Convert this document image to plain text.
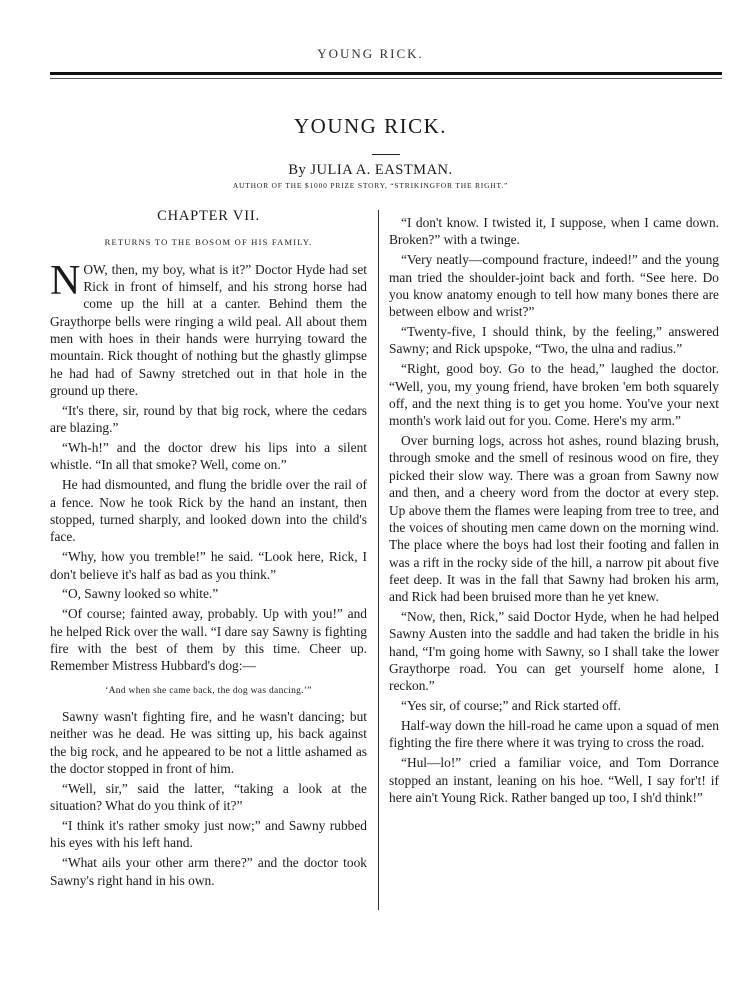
YOUNG RICK.
YOUNG RICK.
By JULIA A. EASTMAN.
AUTHOR OF THE $1000 PRIZE STORY, “STRIKINGFOR THE RIGHT.”
CHAPTER VII.
RETURNS TO THE BOSOM OF HIS FAMILY.

NOW, then, my boy, what is it?” Doctor Hyde had set Rick in front of himself, and his strong horse had come up the hill at a canter. Behind them the Graythorpe bells were ringing a wild peal. All about them men with hoes in their hands were hurrying toward the mountain. Rick thought of nothing but the ghastly glimpse he had had of Sawny stretched out in that hole in the ground up there.

“It's there, sir, round by that big rock, where the cedars are blazing.”

“Wh-h!” and the doctor drew his lips into a silent whistle. “In all that smoke? Well, come on.”

He had dismounted, and flung the bridle over the rail of a fence. Now he took Rick by the hand an instant, then stopped, turned sharply, and looked down into the child's face.

“Why, how you tremble!” he said. “Look here, Rick, I don't believe it's half as bad as you think.”

“O, Sawny looked so white.”

“Of course; fainted away, probably. Up with you!” and he helped Rick over the wall. “I dare say Sawny is fighting fire with the best of them by this time. Cheer up. Remember Mistress Hubbard's dog:—

‘And when she came back, the dog was dancing.’”

Sawny wasn't fighting fire, and he wasn't dancing; but neither was he dead. He was sitting up, his back against the big rock, and he appeared to be not a little ashamed as the doctor stopped in front of him.

“Well, sir,” said the latter, “taking a look at the situation? What do you think of it?”

“I think it's rather smoky just now;” and Sawny rubbed his eyes with his left hand.

“What ails your other arm there?” and the doctor took Sawny's right hand in his own.

“I don't know. I twisted it, I suppose, when I came down. Broken?” with a twinge.

“Very neatly—compound fracture, indeed!” and the young man tried the shoulder-joint back and forth. “See here. Do you know anatomy enough to tell how many bones there are between elbow and wrist?”

“Twenty-five, I should think, by the feeling,” answered Sawny; and Rick upspoke, “Two, the ulna and radius.”

“Right, good boy. Go to the head,” laughed the doctor. “Well, you, my young friend, have broken 'em both squarely off, and the next thing is to get you home. You've your next month's work laid out for you. Come. Here's my arm.”

Over burning logs, across hot ashes, round blazing brush, through smoke and the smell of resinous wood on fire, they picked their slow way. There was a groan from Sawny now and then, and a cheery word from the doctor at every step. Up above them the flames were leaping from tree to tree, and the voices of shouting men came down on the morning wind. The place where the boys had lost their footing and fallen in was a rift in the rocky side of the hill, a narrow pit about five feet deep. It was in the fall that Sawny had broken his arm, and Rick had been bruised more than he yet knew.

“Now, then, Rick,” said Doctor Hyde, when he had helped Sawny Austen into the saddle and had taken the bridle in his hand, “I'm going home with Sawny, so I shall take the lower Graythorpe road. You can get yourself home alone, I reckon.”

“Yes sir, of course;” and Rick started off.

Half-way down the hill-road he came upon a squad of men fighting the fire there where it was trying to cross the road.

“Hul—lo!” cried a familiar voice, and Tom Dorrance stopped an instant, leaning on his hoe. “Well, I say for't! if here ain't Young Rick. Rather banged up too, I sh'd think!”
